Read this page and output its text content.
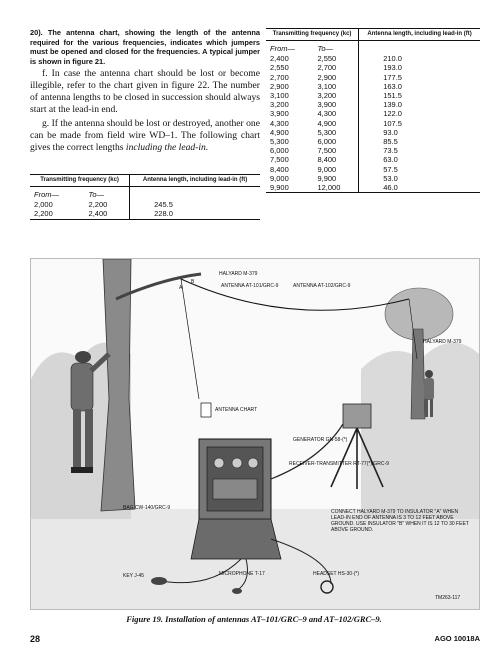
20). The antenna chart, showing the length of the antenna required for the various frequencies, indicates which jumpers must be opened and closed for the frequencies. A typical jumper is shown in figure 21.

f. In case the antenna chart should be lost or become illegible, refer to the chart given in figure 22. The number of antenna lengths to be closed in succession should always start at the lead-in end.

g. If the antenna should be lost or destroyed, another one can be made from field wire WD–1. The following chart gives the correct lengths including the lead-in.

Transmitting frequency (kc)		Antenna length, including lead-in (ft)
From—	To—	
2,000	2,200	245.5
2,200	2,400	228.0
Transmitting frequency (kc)		Antenna length, including lead-in (ft)
From—	To—	
2,400	2,550	210.0
2,550	2,700	193.0
2,700	2,900	177.5
2,900	3,100	163.0
3,100	3,200	151.5
3,200	3,900	139.0
3,900	4,300	122.0
4,300	4,900	107.5
4,900	5,300	93.0
5,300	6,000	85.5
6,000	7,500	73.5
7,500	8,400	63.0
8,400	9,000	57.5
9,000	9,900	53.0
9,900	12,000	46.0
HALYARD M-379
ANTENNA AT-101/GRC-9	ANTENNA AT-102/GRC-9
HALYARD M-379
A
B
ANTENNA CHART
GENERATOR GN-58-(*)
RECEIVER-TRANSMITTER RT-77(*)/GRC-9
BAG CW-140/GRC-9
KEY J-45	MICROPHONE T-17	HEADSET HS-30-(*)
TM263-117
CONNECT HALYARD M-379 TO INSULATOR "A" WHEN LEAD-IN END OF ANTENNA IS 3 TO 12 FEET ABOVE GROUND. USE INSULATOR "B" WHEN IT IS 12 TO 30 FEET ABOVE GROUND.
Figure 19. Installation of antennas AT–101/GRC–9 and AT–102/GRC–9.
28	AGO 10018A
